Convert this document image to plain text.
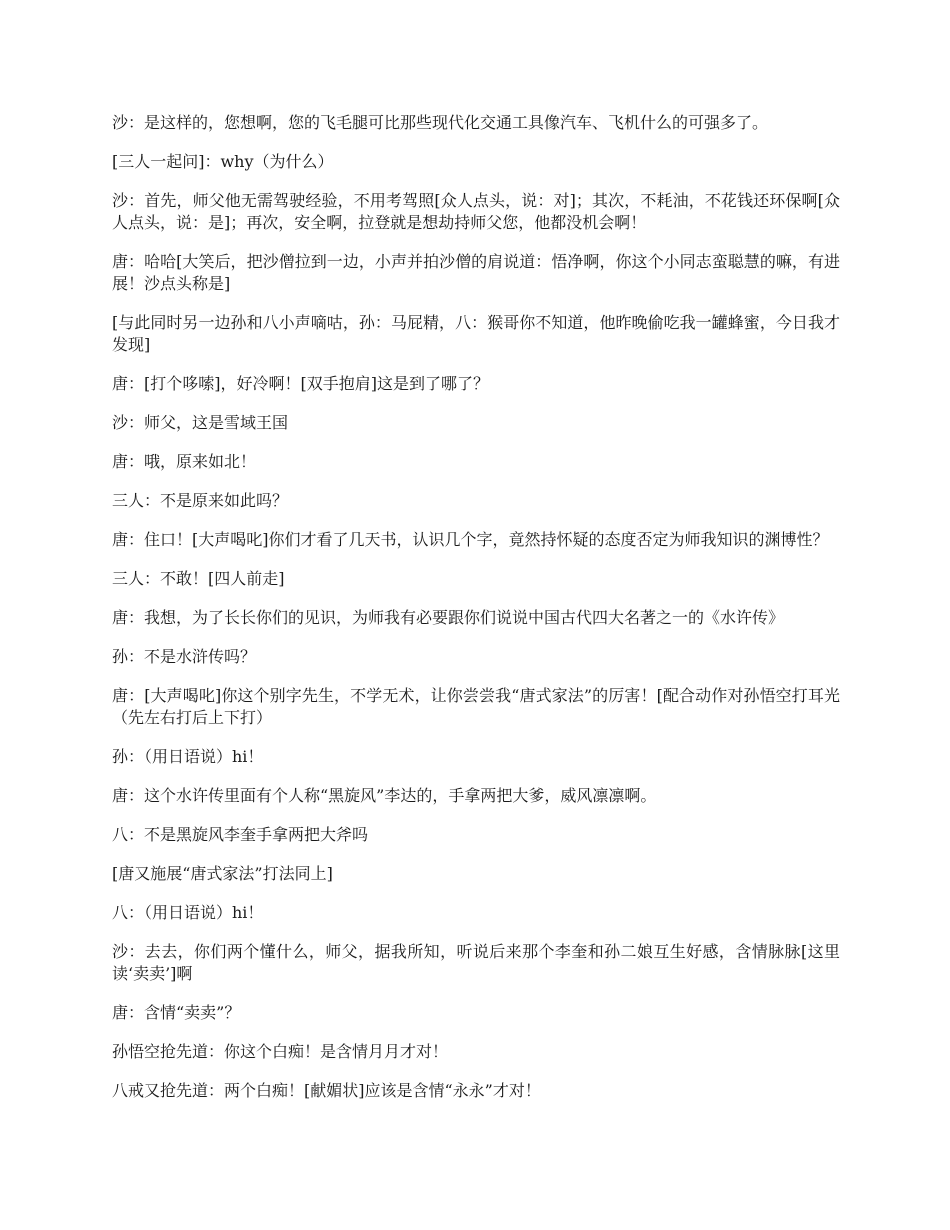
沙：是这样的，您想啊，您的飞毛腿可比那些现代化交通工具像汽车、飞机什么的可强多了。

[三人一起问]：why（为什么）

沙：首先，师父他无需驾驶经验，不用考驾照[众人点头，说：对]；其次，不耗油，不花钱还环保啊[众人点头，说：是]；再次，安全啊，拉登就是想劫持师父您，他都没机会啊！

唐：哈哈[大笑后，把沙僧拉到一边，小声并拍沙僧的肩说道：悟净啊，你这个小同志蛮聪慧的嘛，有进展！沙点头称是]

[与此同时另一边孙和八小声嘀咕，孙：马屁精，八：猴哥你不知道，他昨晚偷吃我一罐蜂蜜，今日我才发现]

唐：[打个哆嗦]，好冷啊！[双手抱肩]这是到了哪了？

沙：师父，这是雪域王国

唐：哦，原来如北！

三人：不是原来如此吗？

唐：住口！[大声喝叱]你们才看了几天书，认识几个字，竟然持怀疑的态度否定为师我知识的渊博性？

三人：不敢！[四人前走]

唐：我想，为了长长你们的见识，为师我有必要跟你们说说中国古代四大名著之一的《水许传》

孙：不是水浒传吗？

唐：[大声喝叱]你这个别字先生，不学无术，让你尝尝我“唐式家法”的厉害！[配合动作对孙悟空打耳光（先左右打后上下打）

孙：（用日语说）hi！

唐：这个水许传里面有个人称“黑旋风”李达的，手拿两把大爹，威风凛凛啊。

八：不是黑旋风李奎手拿两把大斧吗

[唐又施展“唐式家法”打法同上]

八：（用日语说）hi！

沙：去去，你们两个懂什么，师父，据我所知，听说后来那个李奎和孙二娘互生好感，含情脉脉[这里读‘卖卖’]啊

唐：含情“卖卖”？

孙悟空抢先道：你这个白痴！是含情月月才对！

八戒又抢先道：两个白痴！[献媚状]应该是含情“永永”才对！
